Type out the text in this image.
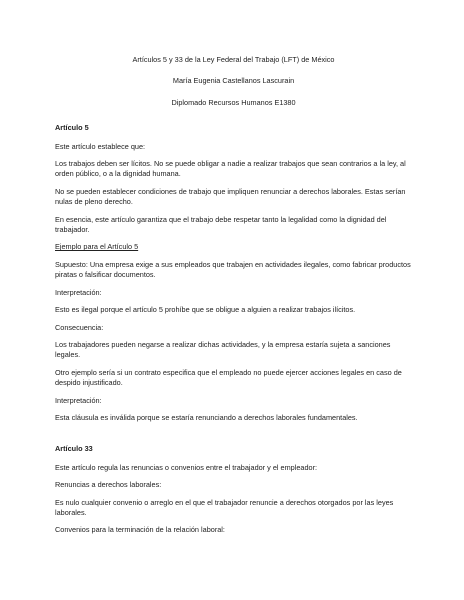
Artículos 5 y 33 de la Ley Federal del Trabajo (LFT) de México

María Eugenia Castellanos Lascurain

Diplomado Recursos Humanos E1380

Artículo 5

Este artículo establece que:

Los trabajos deben ser lícitos. No se puede obligar a nadie a realizar trabajos que sean contrarios a la ley, al orden público, o a la dignidad humana.

No se pueden establecer condiciones de trabajo que impliquen renunciar a derechos laborales. Estas serían nulas de pleno derecho.

En esencia, este artículo garantiza que el trabajo debe respetar tanto la legalidad como la dignidad del trabajador.

Ejemplo para el Artículo 5

Supuesto: Una empresa exige a sus empleados que trabajen en actividades ilegales, como fabricar productos piratas o falsificar documentos.

Interpretación:

Esto es ilegal porque el artículo 5 prohíbe que se obligue a alguien a realizar trabajos ilícitos.

Consecuencia:

Los trabajadores pueden negarse a realizar dichas actividades, y la empresa estaría sujeta a sanciones legales.

Otro ejemplo sería si un contrato especifica que el empleado no puede ejercer acciones legales en caso de despido injustificado.

Interpretación:

Esta cláusula es inválida porque se estaría renunciando a derechos laborales fundamentales.

Artículo 33

Este artículo regula las renuncias o convenios entre el trabajador y el empleador:

Renuncias a derechos laborales:

Es nulo cualquier convenio o arreglo en el que el trabajador renuncie a derechos otorgados por las leyes laborales.

Convenios para la terminación de la relación laboral:
